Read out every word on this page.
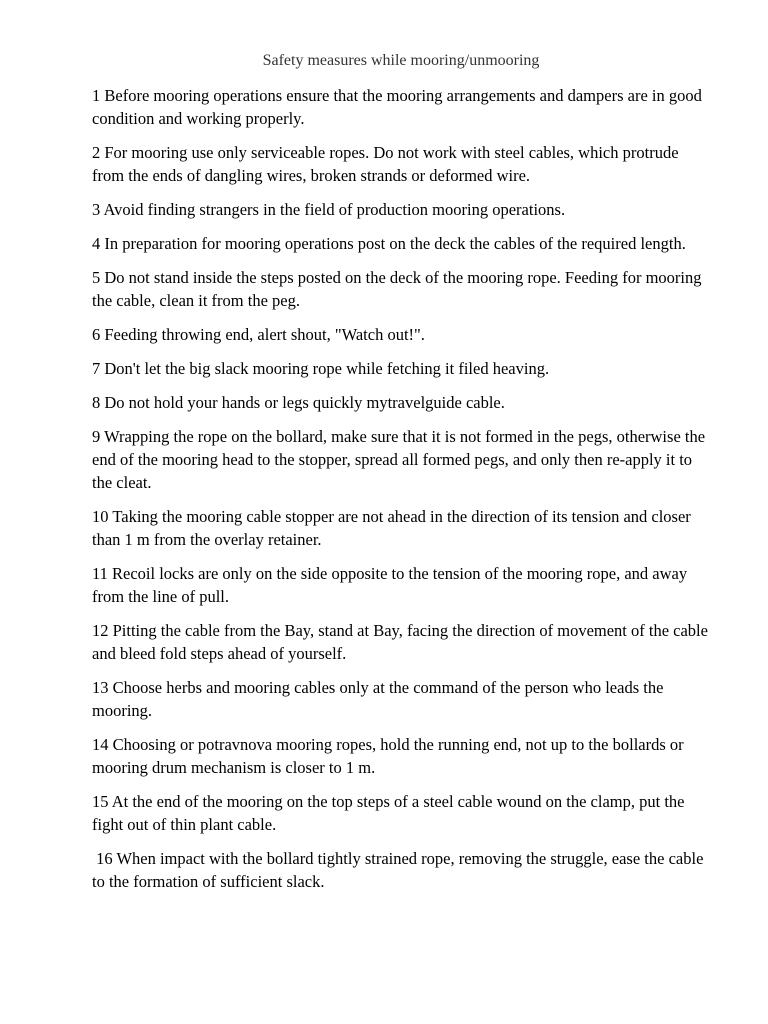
Safety measures while mooring/unmooring

1 Before mooring operations ensure that the mooring arrangements and dampers are in good condition and working properly.

2 For mooring use only serviceable ropes. Do not work with steel cables, which protrude from the ends of dangling wires, broken strands or deformed wire.

3 Avoid finding strangers in the field of production mooring operations.

4 In preparation for mooring operations post on the deck the cables of the required length.

5 Do not stand inside the steps posted on the deck of the mooring rope. Feeding for mooring the cable, clean it from the peg.

6 Feeding throwing end, alert shout, "Watch out!".

7 Don't let the big slack mooring rope while fetching it filed heaving.

8 Do not hold your hands or legs quickly mytravelguide cable.

9 Wrapping the rope on the bollard, make sure that it is not formed in the pegs, otherwise the end of the mooring head to the stopper, spread all formed pegs, and only then re-apply it to the cleat.

10 Taking the mooring cable stopper are not ahead in the direction of its tension and closer than 1 m from the overlay retainer.

11 Recoil locks are only on the side opposite to the tension of the mooring rope, and away from the line of pull.

12 Pitting the cable from the Bay, stand at Bay, facing the direction of movement of the cable and bleed fold steps ahead of yourself.

13 Choose herbs and mooring cables only at the command of the person who leads the mooring.

14 Choosing or potravnova mooring ropes, hold the running end, not up to the bollards or mooring drum mechanism is closer to 1 m.

15 At the end of the mooring on the top steps of a steel cable wound on the clamp, put the fight out of thin plant cable.

16 When impact with the bollard tightly strained rope, removing the struggle, ease the cable to the formation of sufficient slack.
